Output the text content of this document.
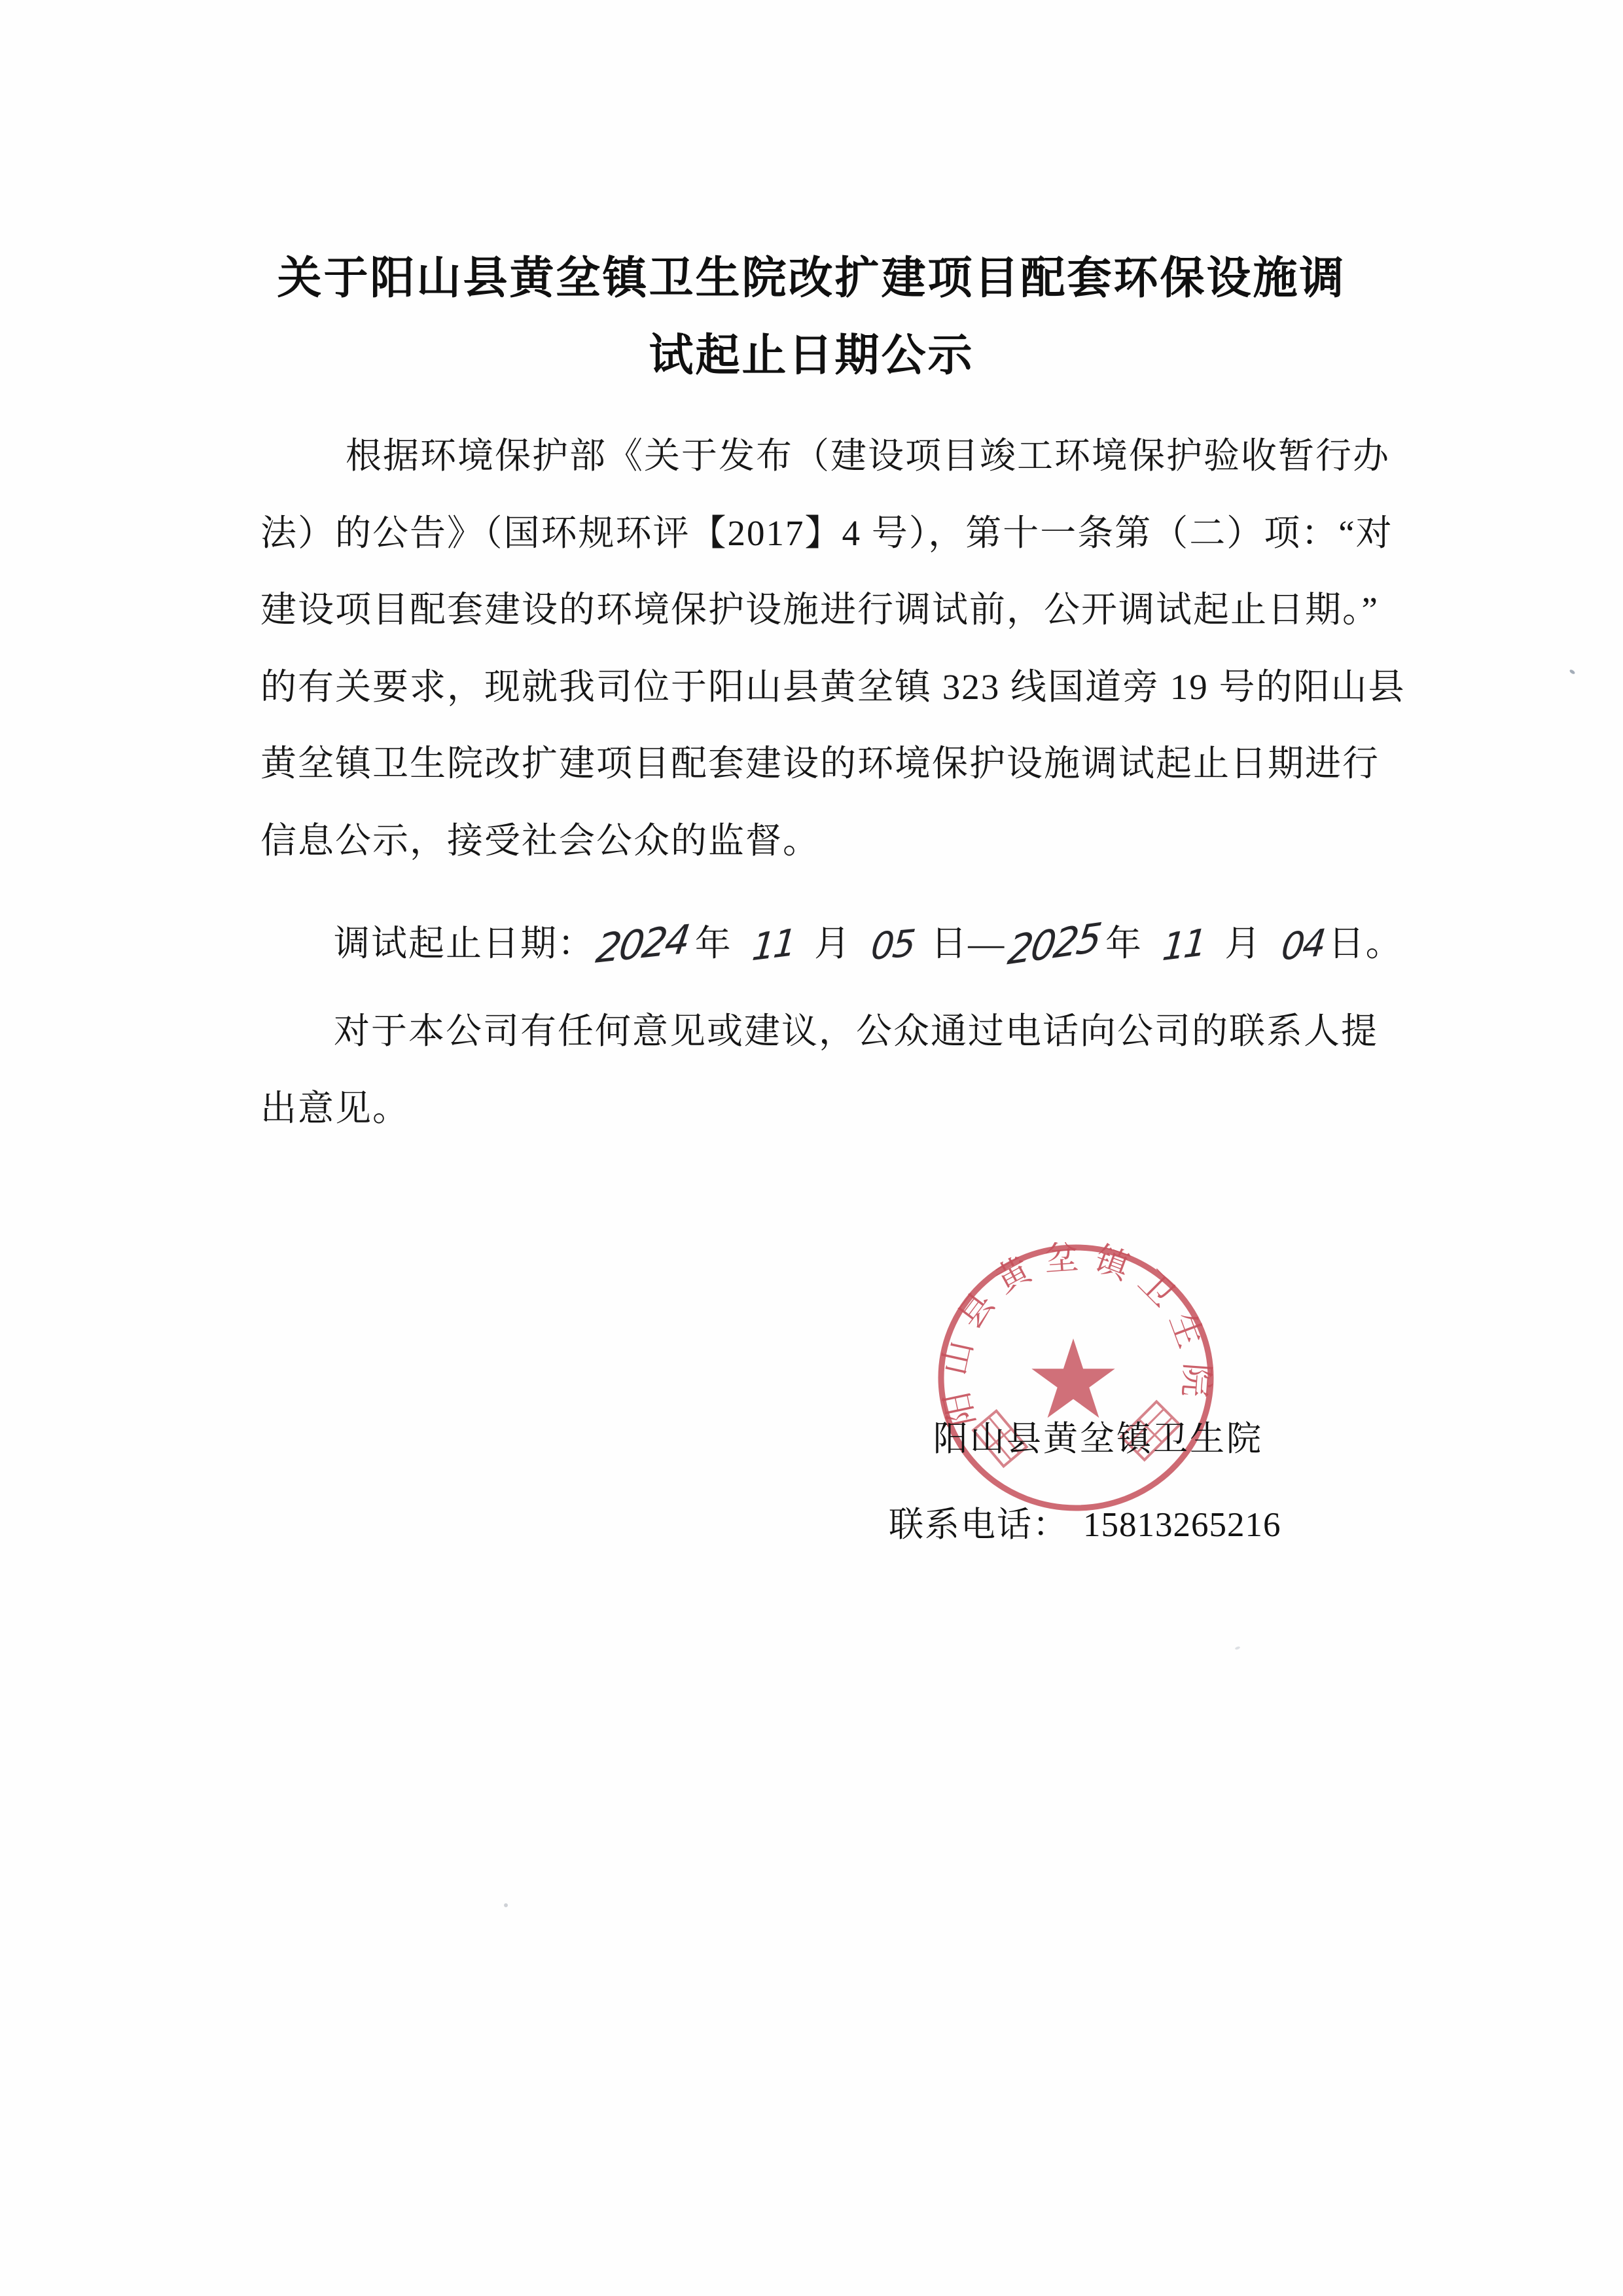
关于阳山县黄坌镇卫生院改扩建项目配套环保设施调
试起止日期公示
根据环境保护部《关于发布（建设项目竣工环境保护验收暂行办
法）的公告》（国环规环评【2017】4 号），第十一条第（二）项：“对
建设项目配套建设的环境保护设施进行调试前，公开调试起止日期。”
的有关要求，现就我司位于阳山县黄坌镇 323 线国道旁 19 号的阳山县
黄坌镇卫生院改扩建项目配套建设的环境保护设施调试起止日期进行
信息公示，接受社会公众的监督。
调试起止日期：2024年 11 月 05 日—2025年 11 月 04日。
对于本公司有任何意见或建议，公众通过电话向公司的联系人提
出意见。
阳山县黄坌镇卫生院
阳山县黄坌镇卫生院
联系电话： 15813265216
